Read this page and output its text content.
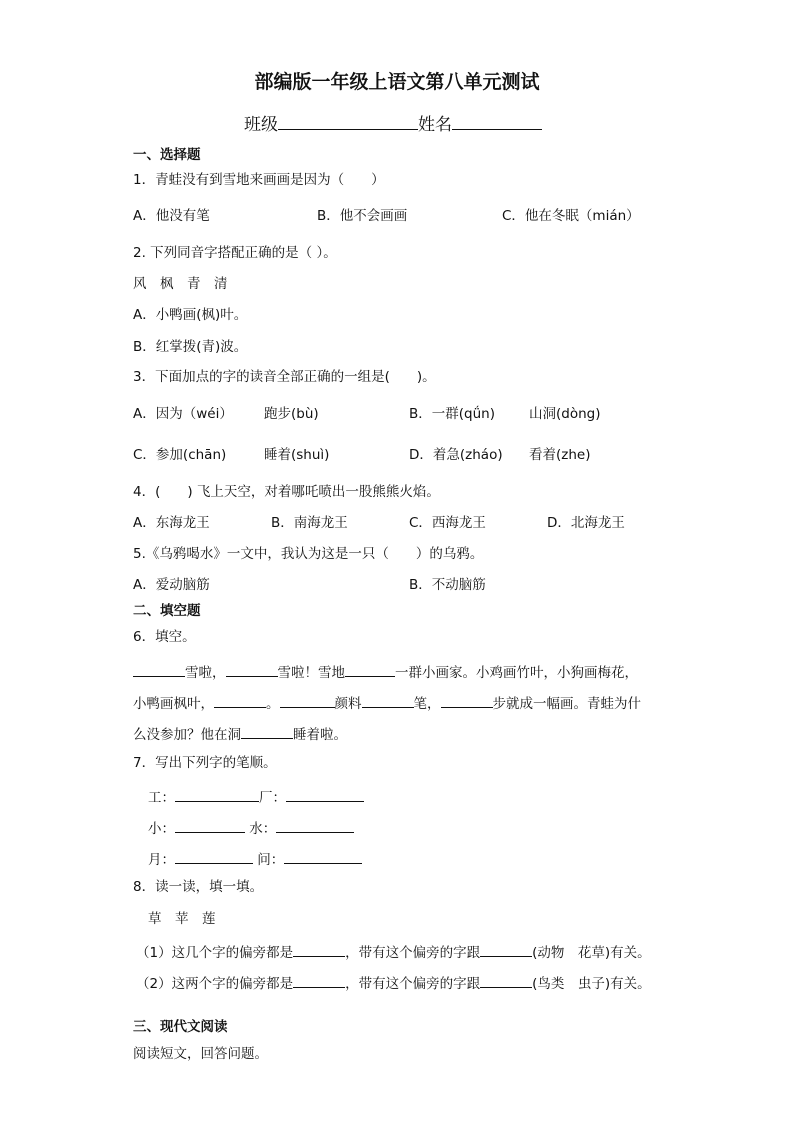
部编版一年级上语文第八单元测试
班级	姓名
一、选择题
1．青蛙没有到雪地来画画是因为（　　）
A．他没有笔	B．他不会画画	C．他在冬眠（mián）
2. 下列同音字搭配正确的是（ ）。
风　枫　青　清
A．小鸭画(枫)叶。
B．红掌拨(青)波。
3．下面加点的字的读音全部正确的一组是(　　)。
A．因为（wéi） 跑步(bù)	B．一群(qǘn)	山洞(dòng)
C．参加(chān)	睡着(shuì)	D．着急(zháo) 看着(zhe)
4．(　　) 飞上天空，对着哪吒喷出一股熊熊火焰。
A．东海龙王	B．南海龙王	C．西海龙王	D．北海龙王
5.《乌鸦喝水》一文中，我认为这是一只（　　）的乌鸦。
A．爱动脑筋	B．不动脑筋
二、填空题
6．填空。
雪啦，	雪啦！雪地	一群小画家。小鸡画竹叶，小狗画梅花，
小鸭画枫叶，	。	颜料	笔，	步就成一幅画。青蛙为什
么没参加？他在洞	睡着啦。
7．写出下列字的笔顺。
工：	厂：
小：	水：
月：	问：
8．读一读，填一填。
草　苹　莲
（1）这几个字的偏旁都是	，带有这个偏旁的字跟	(动物　花草)有关。
（2）这两个字的偏旁都是	，带有这个偏旁的字跟	(鸟类　虫子)有关。
三、现代文阅读
阅读短文，回答问题。
